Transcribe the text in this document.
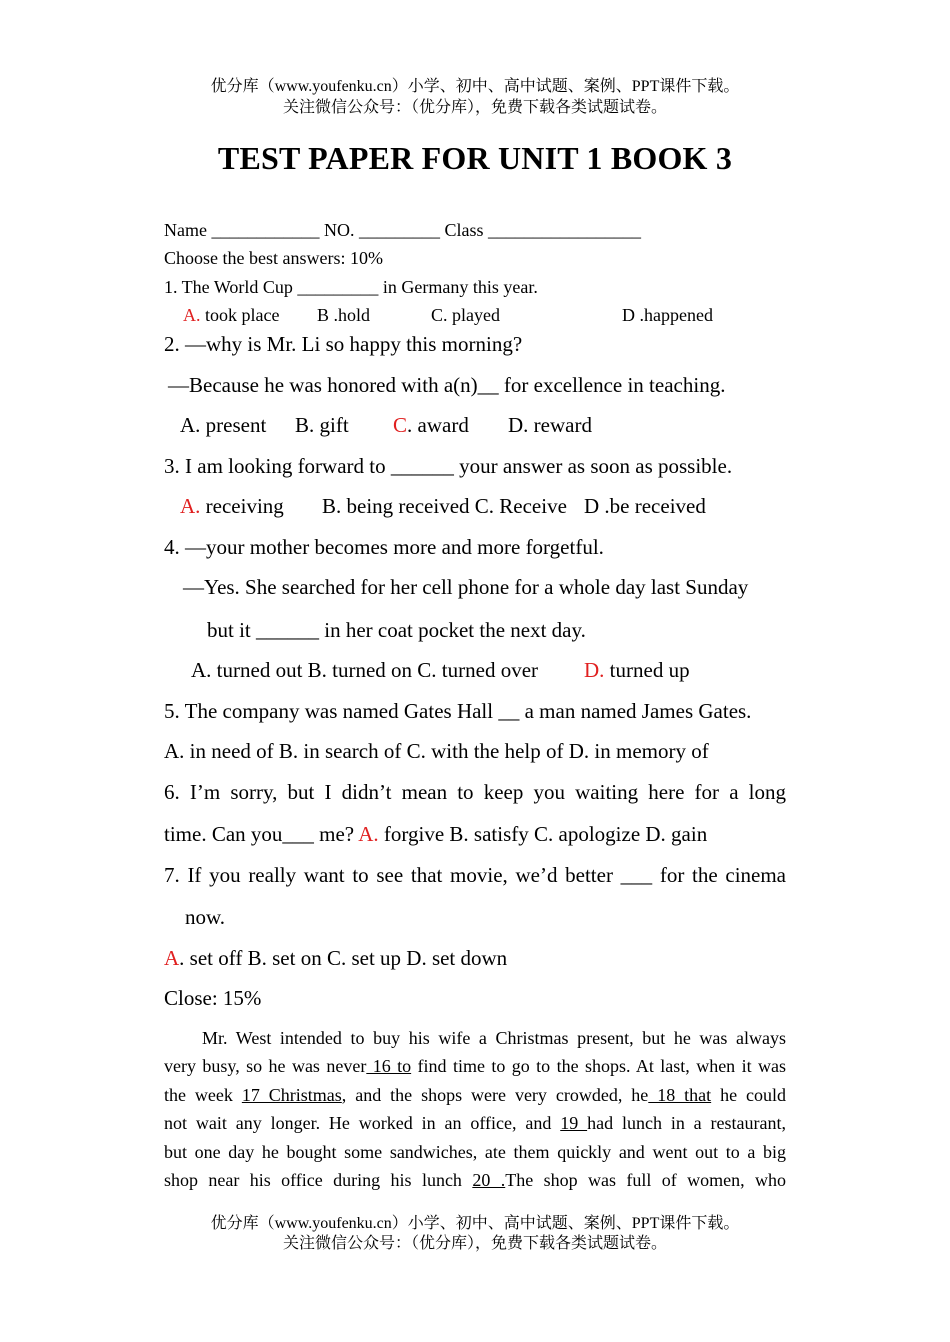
优分库（www.youfenku.cn）小学、初中、高中试题、案例、PPT课件下载。
关注微信公众号：（优分库），免费下载各类试题试卷。
TEST PAPER FOR UNIT 1 BOOK 3
Name ____________ NO. _________ Class _________________
Choose the best answers: 10%
1. The World Cup _________ in Germany this year.
A. took place B .hold	C. played	D .happened
2. —why is Mr. Li so happy this morning?
—Because he was honored with a(n)__ for excellence in teaching.
A. present B. gift C. award D. reward
3. I am looking forward to ______ your answer as soon as possible.
A. receiving B. being received C. Receive D .be received
4. —your mother becomes more and more forgetful.
—Yes. She searched for her cell phone for a whole day last Sunday
but it ______ in her coat pocket the next day.
A. turned out B. turned on C. turned over D. turned up
5. The company was named Gates Hall __ a man named James Gates.
A. in need of B. in search of C. with the help of D. in memory of
6. I’m sorry, but I didn’t mean to keep you waiting here for a long
time. Can you___ me? A. forgive B. satisfy C. apologize D. gain
7. If you really want to see that movie, we’d better ___ for the cinema
now.
A. set off B. set on C. set up D. set down
Close: 15%
Mr. West intended to buy his wife a Christmas present, but he was always
very busy, so he was never 16 to find time to go to the shops. At last, when it was
the week 17 Christmas, and the shops were very crowded, he 18 that he could
not wait any longer. He worked in an office, and 19 had lunch in a restaurant,
but one day he bought some sandwiches, ate them quickly and went out to a big
shop near his office during his lunch 20 .The shop was full of women, who
优分库（www.youfenku.cn）小学、初中、高中试题、案例、PPT课件下载。
关注微信公众号：（优分库），免费下载各类试题试卷。
